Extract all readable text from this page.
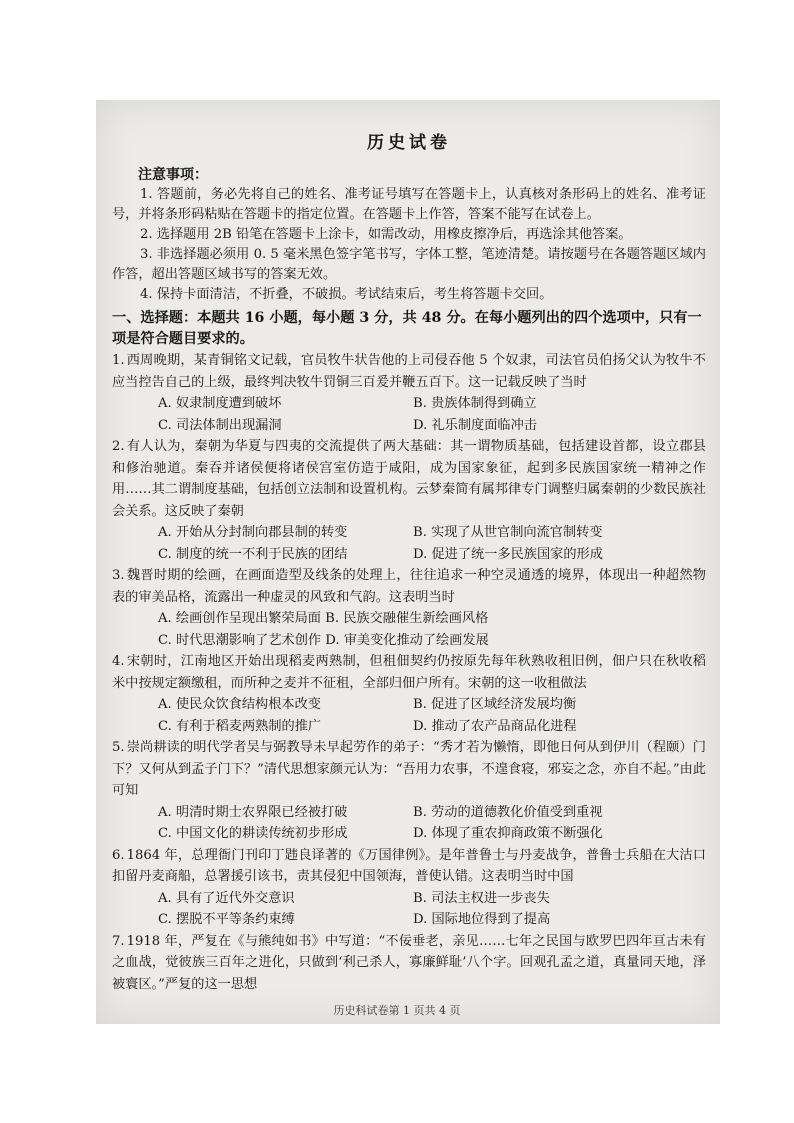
历史试卷
注意事项：

1. 答题前，务必先将自己的姓名、准考证号填写在答题卡上，认真核对条形码上的姓名、准考证号，并将条形码粘贴在答题卡的指定位置。在答题卡上作答，答案不能写在试卷上。

2. 选择题用 2B 铅笔在答题卡上涂卡，如需改动，用橡皮擦净后，再选涂其他答案。

3. 非选择题必须用 0. 5 毫米黑色签字笔书写，字体工整，笔迹清楚。请按题号在各题答题区域内作答，超出答题区域书写的答案无效。

4. 保持卡面清洁，不折叠，不破损。考试结束后，考生将答题卡交回。

一、选择题：本题共 16 小题，每小题 3 分，共 48 分。在每小题列出的四个选项中，只有一项是符合题目要求的。

1. 西周晚期，某青铜铭文记载，官员牧牛状告他的上司侵吞他 5 个奴隶，司法官员伯扬父认为牧牛不应当控告自己的上级，最终判决牧牛罚铜三百爰并鞭五百下。这一记载反映了当时

A. 奴隶制度遭到破坏	B. 贵族体制得到确立
C. 司法体制出现漏洞	D. 礼乐制度面临冲击

2. 有人认为，秦朝为华夏与四夷的交流提供了两大基础：其一谓物质基础，包括建设首都，设立郡县和修治驰道。秦吞并诸侯便将诸侯宫室仿造于咸阳，成为国家象征，起到多民族国家统一精神之作用……其二谓制度基础，包括创立法制和设置机构。云梦秦简有属邦律专门调整归属秦朝的少数民族社会关系。这反映了秦朝

A. 开始从分封制向郡县制的转变	B. 实现了从世官制向流官制转变
C. 制度的统一不利于民族的团结	D. 促进了统一多民族国家的形成

3. 魏晋时期的绘画，在画面造型及线条的处理上，往往追求一种空灵通透的境界，体现出一种超然物表的审美品格，流露出一种虚灵的风致和气韵。这表明当时

A. 绘画创作呈现出繁荣局面 B. 民族交融催生新绘画风格
C. 时代思潮影响了艺术创作 D. 审美变化推动了绘画发展

4. 宋朝时，江南地区开始出现稻麦两熟制，但租佃契约仍按原先每年秋熟收租旧例，佃户只在秋收稻米中按规定额缴租，而所种之麦并不征租，全部归佃户所有。宋朝的这一收租做法

A. 使民众饮食结构根本改变	B. 促进了区域经济发展均衡
C. 有利于稻麦两熟制的推广	D. 推动了农产品商品化进程

5. 崇尚耕读的明代学者吴与弼教导未早起劳作的弟子：“秀才若为懒惰，即他日何从到伊川（程颐）门下？又何从到孟子门下？”清代思想家颜元认为：“吾用力农事，不遑食寝，邪妄之念，亦自不起。”由此可知

A. 明清时期士农界限已经被打破	B. 劳动的道德教化价值受到重视
C. 中国文化的耕读传统初步形成	D. 体现了重农抑商政策不断强化

6. 1864 年，总理衙门刊印丁韪良译著的《万国律例》。是年普鲁士与丹麦战争，普鲁士兵船在大沽口扣留丹麦商船，总署援引该书，责其侵犯中国领海，普使认错。这表明当时中国

A. 具有了近代外交意识	B. 司法主权进一步丧失
C. 摆脱不平等条约束缚	D. 国际地位得到了提高

7. 1918 年，严复在《与熊纯如书》中写道：“不佞垂老，亲见……七年之民国与欧罗巴四年亘古未有之血战，觉彼族三百年之进化，只做到‘利己杀人，寡廉鲜耻’八个字。回观孔孟之道，真量同天地，泽被寰区。”严复的这一思想

历史科试卷第 1 页共 4 页
